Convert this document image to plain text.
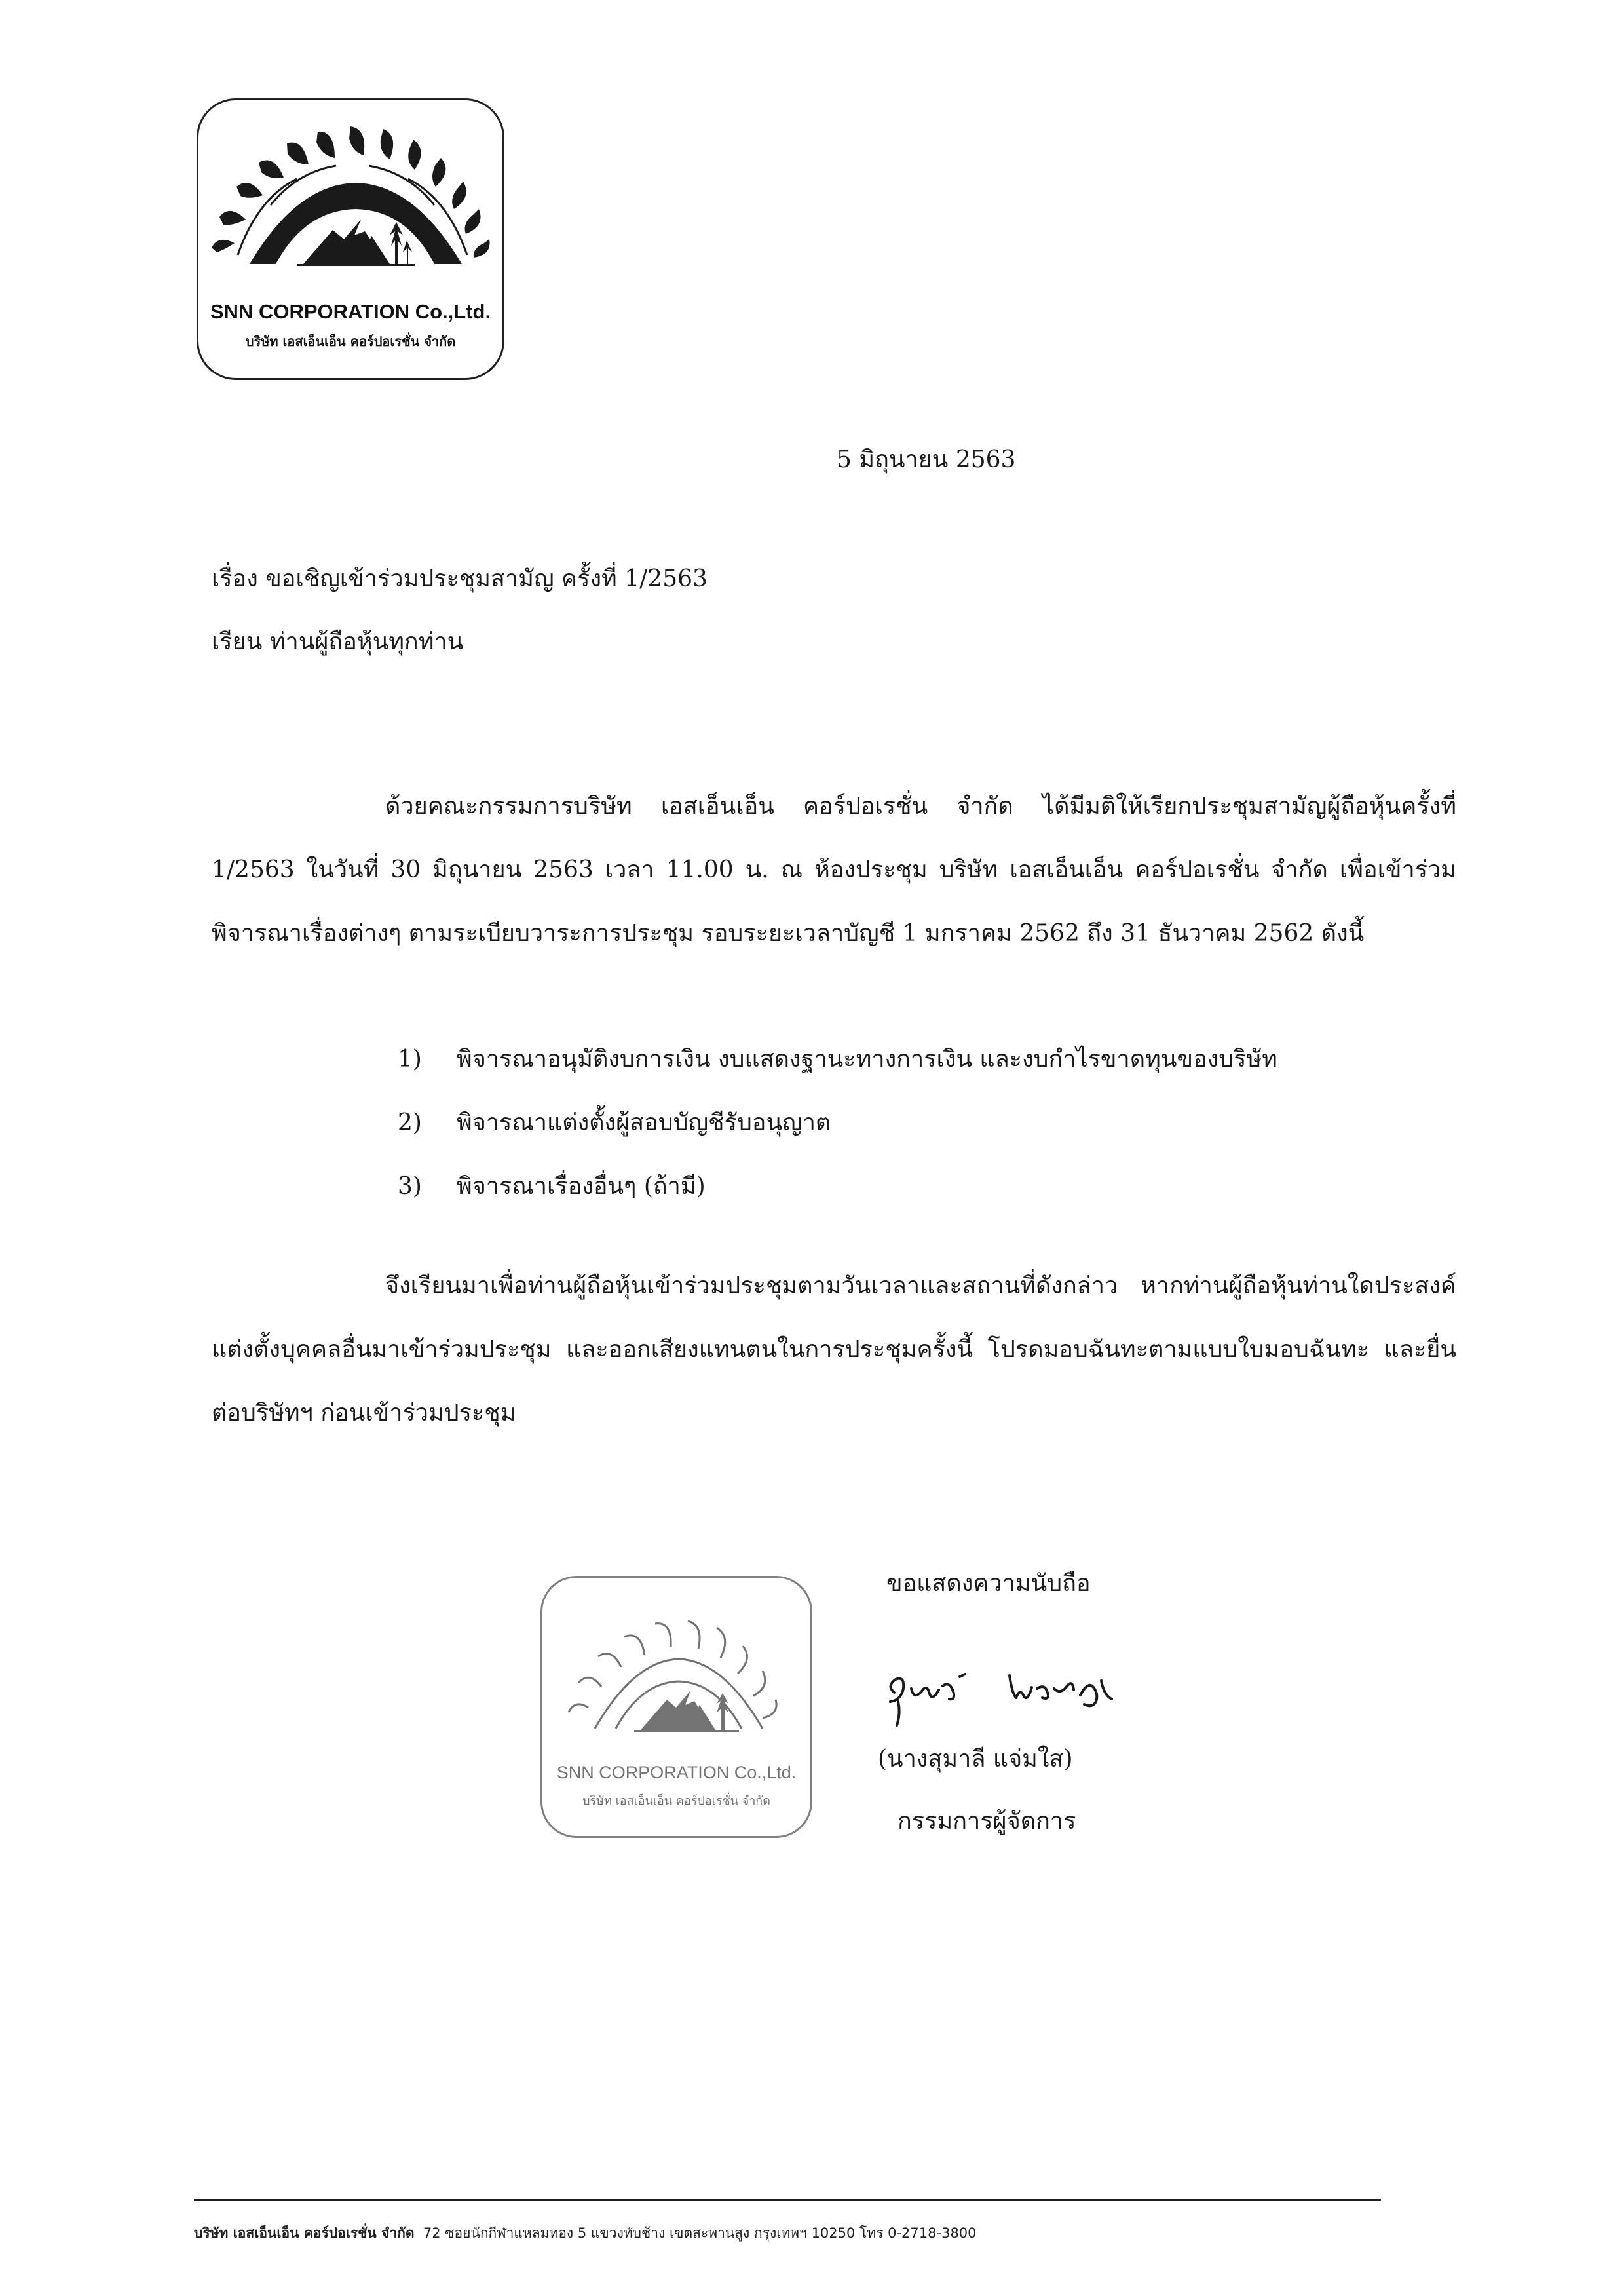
SNN CORPORATION Co.,Ltd.
บริษัท เอสเอ็นเอ็น คอร์ปอเรชั่น จำกัด
5 มิถุนายน 2563
เรื่อง ขอเชิญเข้าร่วมประชุมสามัญ ครั้งที่ 1/2563
เรียน ท่านผู้ถือหุ้นทุกท่าน
ด้วยคณะกรรมการบริษัท เอสเอ็นเอ็น คอร์ปอเรชั่น จำกัด ได้มีมติให้เรียกประชุมสามัญผู้ถือหุ้นครั้งที่ 1/2563 ในวันที่ 30 มิถุนายน 2563 เวลา 11.00 น. ณ ห้องประชุม บริษัท เอสเอ็นเอ็น คอร์ปอเรชั่น จำกัด เพื่อเข้าร่วมพิจารณาเรื่องต่างๆ ตามระเบียบวาระการประชุม รอบระยะเวลาบัญชี 1 มกราคม 2562 ถึง 31 ธันวาคม 2562 ดังนี้
1) พิจารณาอนุมัติงบการเงิน งบแสดงฐานะทางการเงิน และงบกำไรขาดทุนของบริษัท
2) พิจารณาแต่งตั้งผู้สอบบัญชีรับอนุญาต
3) พิจารณาเรื่องอื่นๆ (ถ้ามี)
จึงเรียนมาเพื่อท่านผู้ถือหุ้นเข้าร่วมประชุมตามวันเวลาและสถานที่ดังกล่าว หากท่านผู้ถือหุ้นท่านใดประสงค์แต่งตั้งบุคคลอื่นมาเข้าร่วมประชุม และออกเสียงแทนตนในการประชุมครั้งนี้ โปรดมอบฉันทะตามแบบใบมอบฉันทะ และยื่นต่อบริษัทฯ ก่อนเข้าร่วมประชุม
SNN CORPORATION Co.,Ltd.
บริษัท เอสเอ็นเอ็น คอร์ปอเรชั่น จำกัด
ขอแสดงความนับถือ
(นางสุมาลี แจ่มใส)
กรรมการผู้จัดการ
บริษัท เอสเอ็นเอ็น คอร์ปอเรชั่น จำกัด 72 ซอยนักกีฬาแหลมทอง 5 แขวงทับช้าง เขตสะพานสูง กรุงเทพฯ 10250 โทร 0-2718-3800
